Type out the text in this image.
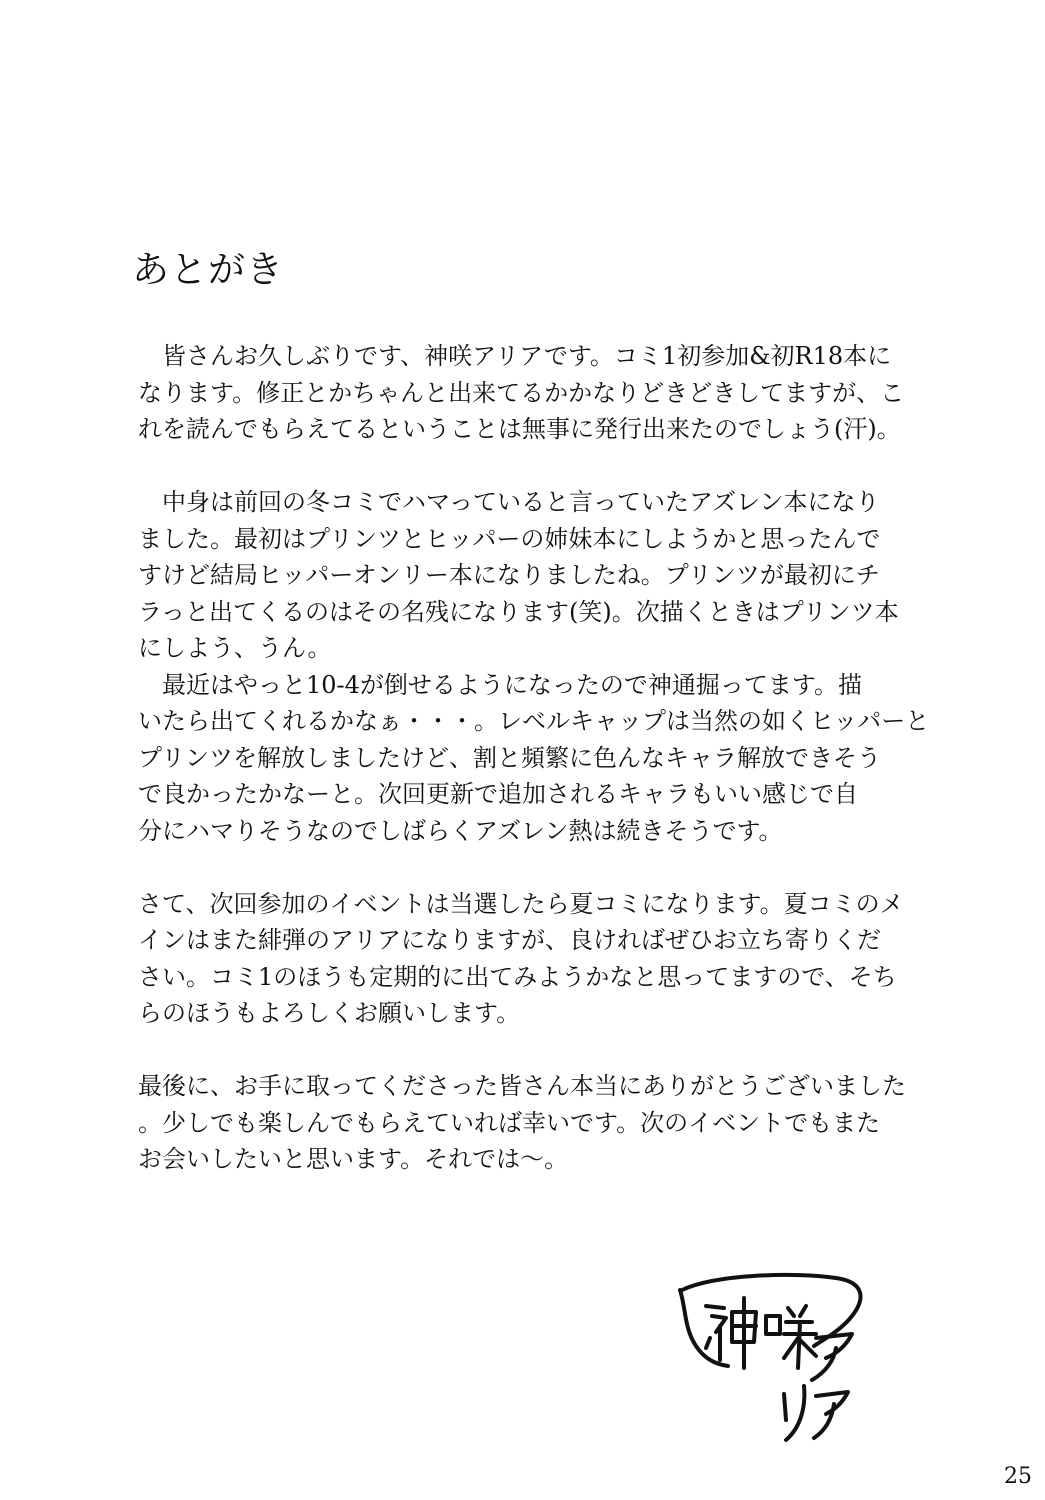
あとがき
　皆さんお久しぶりです、神咲アリアです。コミ1初参加&初R18本に
なります。修正とかちゃんと出来てるかかなりどきどきしてますが、こ
れを読んでもらえてるということは無事に発行出来たのでしょう(汗)。
　中身は前回の冬コミでハマっていると言っていたアズレン本になり
ました。最初はプリンツとヒッパーの姉妹本にしようかと思ったんで
すけど結局ヒッパーオンリー本になりましたね。プリンツが最初にチ
ラっと出てくるのはその名残になります(笑)。次描くときはプリンツ本
にしよう、うん。
　最近はやっと10-4が倒せるようになったので神通掘ってます。描
いたら出てくれるかなぁ・・・。レベルキャップは当然の如くヒッパーと
プリンツを解放しましたけど、割と頻繁に色んなキャラ解放できそう
で良かったかなーと。次回更新で追加されるキャラもいい感じで自
分にハマりそうなのでしばらくアズレン熱は続きそうです。
さて、次回参加のイベントは当選したら夏コミになります。夏コミのメ
インはまた緋弾のアリアになりますが、良ければぜひお立ち寄りくだ
さい。コミ1のほうも定期的に出てみようかなと思ってますので、そち
らのほうもよろしくお願いします。
最後に、お手に取ってくださった皆さん本当にありがとうございました
。少しでも楽しんでもらえていれば幸いです。次のイベントでもまた
お会いしたいと思います。それでは～。
25
